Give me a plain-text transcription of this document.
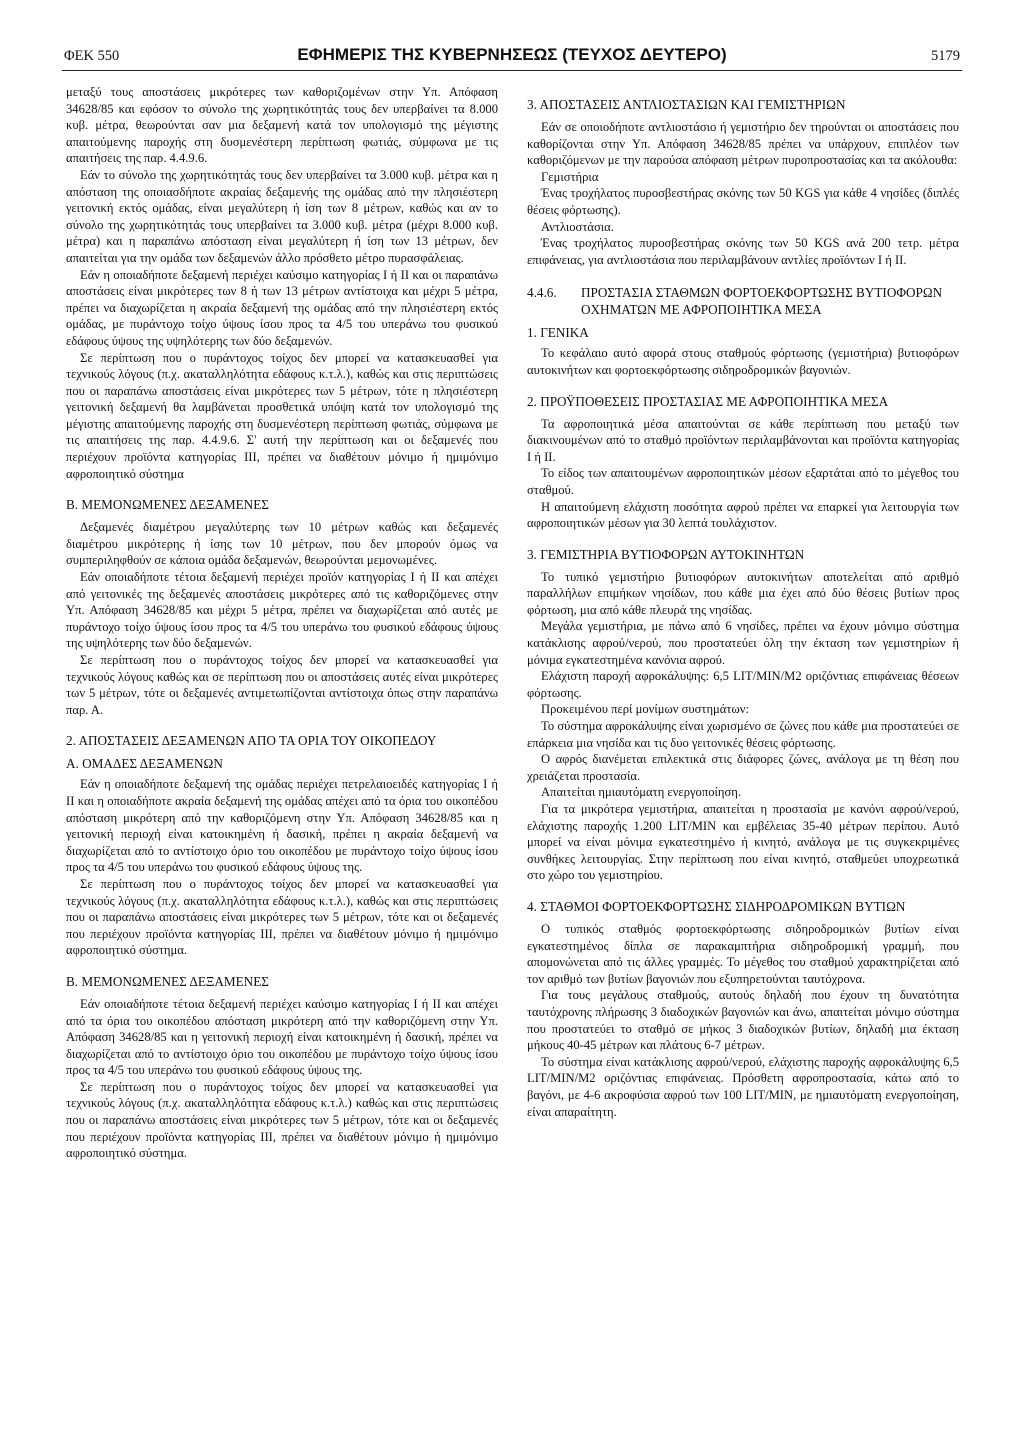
ΦΕΚ 550	ΕΦΗΜΕΡΙΣ ΤΗΣ ΚΥΒΕΡΝΗΣΕΩΣ (ΤΕΥΧΟΣ ΔΕΥΤΕΡΟ)	5179

μεταξύ τους αποστάσεις μικρότερες των καθοριζομένων στην Υπ. Απόφαση 34628/85 και εφόσον το σύνολο της χωρητικότητάς τους δεν υπερβαίνει τα 8.000 κυβ. μέτρα, θεωρούνται σαν μια δεξαμενή κατά τον υπολογισμό της μέγιστης απαιτούμενης παροχής στη δυσμενέστερη περίπτωση φωτιάς, σύμφωνα με τις απαιτήσεις της παρ. 4.4.9.6.

Εάν το σύνολο της χωρητικότητάς τους δεν υπερβαίνει τα 3.000 κυβ. μέτρα και η απόσταση της οποιασδήποτε ακραίας δεξαμενής της ομάδας από την πλησιέστερη γειτονική εκτός ομάδας, είναι μεγαλύτερη ή ίση των 8 μέτρων, καθώς και αν το σύνολο της χωρητικότητάς τους υπερβαίνει τα 3.000 κυβ. μέτρα (μέχρι 8.000 κυβ. μέτρα) και η παραπάνω απόσταση είναι μεγαλύτερη ή ίση των 13 μέτρων, δεν απαιτείται για την ομάδα των δεξαμενών άλλο πρόσθετο μέτρο πυρασφάλειας.

Εάν η οποιαδήποτε δεξαμενή περιέχει καύσιμο κατηγορίας Ι ή ΙΙ και οι παραπάνω αποστάσεις είναι μικρότερες των 8 ή των 13 μέτρων αντίστοιχα και μέχρι 5 μέτρα, πρέπει να διαχωρίζεται η ακραία δεξαμενή της ομάδας από την πλησιέστερη εκτός ομάδας, με πυράντοχο τοίχο ύψους ίσου προς τα 4/5 του υπεράνω του φυσικού εδάφους ύψους της υψηλότερης των δύο δεξαμενών.

Σε περίπτωση που ο πυράντοχος τοίχος δεν μπορεί να κατασκευασθεί για τεχνικούς λόγους (π.χ. ακαταλληλότητα εδάφους κ.τ.λ.), καθώς και στις περιπτώσεις που οι παραπάνω αποστάσεις είναι μικρότερες των 5 μέτρων, τότε η πλησιέστερη γειτονική δεξαμενή θα λαμβάνεται προσθετικά υπόψη κατά τον υπολογισμό της μέγιστης απαιτούμενης παροχής στη δυσμενέστερη περίπτωση φωτιάς, σύμφωνα με τις απαιτήσεις της παρ. 4.4.9.6. Σ' αυτή την περίπτωση και οι δεξαμενές που περιέχουν προϊόντα κατηγορίας ΙΙΙ, πρέπει να διαθέτουν μόνιμο ή ημιμόνιμο αφροποιητικό σύστημα

Β. ΜΕΜΟΝΩΜΕΝΕΣ ΔΕΞΑΜΕΝΕΣ

Δεξαμενές διαμέτρου μεγαλύτερης των 10 μέτρων καθώς και δεξαμενές διαμέτρου μικρότερης ή ίσης των 10 μέτρων, που δεν μπορούν όμως να συμπεριληφθούν σε κάποια ομάδα δεξαμενών, θεωρούνται μεμονωμένες.

Εάν οποιαδήποτε τέτοια δεξαμενή περιέχει προϊόν κατηγορίας Ι ή ΙΙ και απέχει από γειτονικές της δεξαμενές αποστάσεις μικρότερες από τις καθοριζόμενες στην Υπ. Απόφαση 34628/85 και μέχρι 5 μέτρα, πρέπει να διαχωρίζεται από αυτές με πυράντοχο τοίχο ύψους ίσου προς τα 4/5 του υπεράνω του φυσικού εδάφους ύψους της υψηλότερης των δύο δεξαμενών.

Σε περίπτωση που ο πυράντοχος τοίχος δεν μπορεί να κατασκευασθεί για τεχνικούς λόγους καθώς και σε περίπτωση που οι αποστάσεις αυτές είναι μικρότερες των 5 μέτρων, τότε οι δεξαμενές αντιμετωπίζονται αντίστοιχα όπως στην παραπάνω παρ. Α.

2. ΑΠΟΣΤΑΣΕΙΣ ΔΕΞΑΜΕΝΩΝ ΑΠΟ ΤΑ ΟΡΙΑ ΤΟΥ ΟΙΚΟΠΕΔΟΥ
Α. ΟΜΑΔΕΣ ΔΕΞΑΜΕΝΩΝ

Εάν η οποιαδήποτε δεξαμενή της ομάδας περιέχει πετρελαιοειδές κατηγορίας Ι ή ΙΙ και η οποιαδήποτε ακραία δεξαμενή της ομάδας απέχει από τα όρια του οικοπέδου απόσταση μικρότερη από την καθοριζόμενη στην Υπ. Απόφαση 34628/85 και η γειτονική περιοχή είναι κατοικημένη ή δασική, πρέπει η ακραία δεξαμενή να διαχωρίζεται από το αντίστοιχο όριο του οικοπέδου με πυράντοχο τοίχο ύψους ίσου προς τα 4/5 του υπεράνω του φυσικού εδάφους ύψους της.

Σε περίπτωση που ο πυράντοχος τοίχος δεν μπορεί να κατασκευασθεί για τεχνικούς λόγους (π.χ. ακαταλληλότητα εδάφους κ.τ.λ.), καθώς και στις περιπτώσεις που οι παραπάνω αποστάσεις είναι μικρότερες των 5 μέτρων, τότε και οι δεξαμενές που περιέχουν προϊόντα κατηγορίας ΙΙΙ, πρέπει να διαθέτουν μόνιμο ή ημιμόνιμο αφροποιητικό σύστημα.

Β. ΜΕΜΟΝΩΜΕΝΕΣ ΔΕΞΑΜΕΝΕΣ

Εάν οποιαδήποτε τέτοια δεξαμενή περιέχει καύσιμο κατηγορίας Ι ή ΙΙ και απέχει από τα όρια του οικοπέδου απόσταση μικρότερη από την καθοριζόμενη στην Υπ. Απόφαση 34628/85 και η γειτονική περιοχή είναι κατοικημένη ή δασική, πρέπει να διαχωρίζεται από το αντίστοιχο όριο του οικοπέδου με πυράντοχο τοίχο ύψους ίσου προς τα 4/5 του υπεράνω του φυσικού εδάφους ύψους της.

Σε περίπτωση που ο πυράντοχος τοίχος δεν μπορεί να κατασκευασθεί για τεχνικούς λόγους (π.χ. ακαταλληλότητα εδάφους κ.τ.λ.) καθώς και στις περιπτώσεις που οι παραπάνω αποστάσεις είναι μικρότερες των 5 μέτρων, τότε και οι δεξαμενές που περιέχουν προϊόντα κατηγορίας ΙΙΙ, πρέπει να διαθέτουν μόνιμο ή ημιμόνιμο αφροποιητικό σύστημα.

3. ΑΠΟΣΤΑΣΕΙΣ ΑΝΤΛΙΟΣΤΑΣΙΩΝ ΚΑΙ ΓΕΜΙΣΤΗΡΙΩΝ

Εάν σε οποιοδήποτε αντλιοστάσιο ή γεμιστήριο δεν τηρούνται οι αποστάσεις που καθορίζονται στην Υπ. Απόφαση 34628/85 πρέπει να υπάρχουν, επιπλέον των καθοριζόμενων με την παρούσα απόφαση μέτρων πυροπροστασίας και τα ακόλουθα:

Γεμιστήρια

Ένας τροχήλατος πυροσβεστήρας σκόνης των 50 KGS για κάθε 4 νησίδες (διπλές θέσεις φόρτωσης).

Αντλιοστάσια.

Ένας τροχήλατος πυροσβεστήρας σκόνης των 50 KGS ανά 200 τετρ. μέτρα επιφάνειας, για αντλιοστάσια που περιλαμβάνουν αντλίες προϊόντων Ι ή ΙΙ.

4.4.6.	ΠΡΟΣΤΑΣΙΑ ΣΤΑΘΜΩΝ ΦΟΡΤΟΕΚΦΟΡΤΩΣΗΣ ΒΥΤΙΟΦΟΡΩΝ ΟΧΗΜΑΤΩΝ ΜΕ ΑΦΡΟΠΟΙΗΤΙΚΑ ΜΕΣΑ
1. ΓΕΝΙΚΑ

Το κεφάλαιο αυτό αφορά στους σταθμούς φόρτωσης (γεμιστήρια) βυτιοφόρων αυτοκινήτων και φορτοεκφόρτωσης σιδηροδρομικών βαγονιών.

2. ΠΡΟΫΠΟΘΕΣΕΙΣ ΠΡΟΣΤΑΣΙΑΣ ΜΕ ΑΦΡΟΠΟΙΗΤΙΚΑ ΜΕΣΑ

Τα αφροποιητικά μέσα απαιτούνται σε κάθε περίπτωση που μεταξύ των διακινουμένων από το σταθμό προϊόντων περιλαμβάνονται και προϊόντα κατηγορίας Ι ή ΙΙ.

Το είδος των απαιτουμένων αφροποιητικών μέσων εξαρτάται από το μέγεθος του σταθμού.

Η απαιτούμενη ελάχιστη ποσότητα αφρού πρέπει να επαρκεί για λειτουργία των αφροποιητικών μέσων για 30 λεπτά τουλάχιστον.

3. ΓΕΜΙΣΤΗΡΙΑ ΒΥΤΙΟΦΟΡΩΝ ΑΥΤΟΚΙΝΗΤΩΝ

Το τυπικό γεμιστήριο βυτιοφόρων αυτοκινήτων αποτελείται από αριθμό παραλλήλων επιμήκων νησίδων, που κάθε μια έχει από δύο θέσεις βυτίων προς φόρτωση, μια από κάθε πλευρά της νησίδας.

Μεγάλα γεμιστήρια, με πάνω από 6 νησίδες, πρέπει να έχουν μόνιμο σύστημα κατάκλισης αφρού/νερού, που προστατεύει όλη την έκταση των γεμιστηρίων ή μόνιμα εγκατεστημένα κανόνια αφρού.

Ελάχιστη παροχή αφροκάλυψης: 6,5 LIT/MIN/M2 οριζόντιας επιφάνειας θέσεων φόρτωσης.

Προκειμένου περί μονίμων συστημάτων:

Το σύστημα αφροκάλυψης είναι χωρισμένο σε ζώνες που κάθε μια προστατεύει σε επάρκεια μια νησίδα και τις δυο γειτονικές θέσεις φόρτωσης.

Ο αφρός διανέμεται επιλεκτικά στις διάφορες ζώνες, ανάλογα με τη θέση που χρειάζεται προστασία.

Απαιτείται ημιαυτόματη ενεργοποίηση.

Για τα μικρότερα γεμιστήρια, απαιτείται η προστασία με κανόνι αφρού/νερού, ελάχιστης παροχής 1.200 LIT/MIN και εμβέλειας 35-40 μέτρων περίπου. Αυτό μπορεί να είναι μόνιμα εγκατεστημένο ή κινητό, ανάλογα με τις συγκεκριμένες συνθήκες λειτουργίας. Στην περίπτωση που είναι κινητό, σταθμεύει υποχρεωτικά στο χώρο του γεμιστηρίου.

4. ΣΤΑΘΜΟΙ ΦΟΡΤΟΕΚΦΟΡΤΩΣΗΣ ΣΙΔΗΡΟΔΡΟΜΙΚΩΝ ΒΥΤΙΩΝ

Ο τυπικός σταθμός φορτοεκφόρτωσης σιδηροδρομικών βυτίων είναι εγκατεστημένος δίπλα σε παρακαμπτήρια σιδηροδρομική γραμμή, που απομονώνεται από τις άλλες γραμμές. Το μέγεθος του σταθμού χαρακτηρίζεται από τον αριθμό των βυτίων βαγονιών που εξυπηρετούνται ταυτόχρονα.

Για τους μεγάλους σταθμούς, αυτούς δηλαδή που έχουν τη δυνατότητα ταυτόχρονης πλήρωσης 3 διαδοχικών βαγονιών και άνω, απαιτείται μόνιμο σύστημα που προστατεύει το σταθμό σε μήκος 3 διαδοχικών βυτίων, δηλαδή μια έκταση μήκους 40-45 μέτρων και πλάτους 6-7 μέτρων.

Το σύστημα είναι κατάκλισης αφρού/νερού, ελάχιστης παροχής αφροκάλυψης 6,5 LIT/MIN/M2 οριζόντιας επιφάνειας. Πρόσθετη αφροπροστασία, κάτω από το βαγόνι, με 4-6 ακροφύσια αφρού των 100 LIT/MIN, με ημιαυτόματη ενεργοποίηση, είναι απαραίτητη.
